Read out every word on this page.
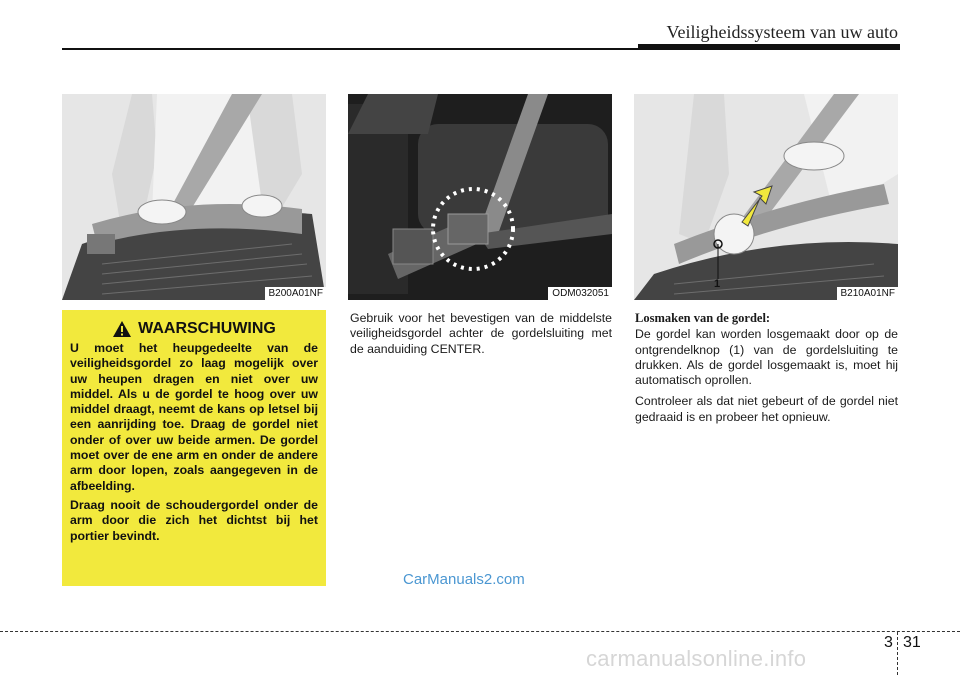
Veiligheidssysteem van uw auto
B200A01NF	ODM032051
1
B210A01NF
WAARSCHUWING

U moet het heupgedeelte van de veiligheidsgordel zo laag mogelijk over uw heupen dragen en niet over uw middel. Als u de gordel te hoog over uw middel draagt, neemt de kans op letsel bij een aanrijding toe. Draag de gordel niet onder of over uw beide armen. De gordel moet over de ene arm en onder de andere arm door lopen, zoals aangegeven in de afbeelding.

Draag nooit de schoudergordel onder de arm door die zich het dichtst bij het portier bevindt.

Gebruik voor het bevestigen van de middelste veiligheidsgordel achter de gordelsluiting met de aanduiding CENTER.

Losmaken van de gordel:

De gordel kan worden losgemaakt door op de ontgrendelknop (1) van de gordelsluiting te drukken. Als de gordel losgemaakt is, moet hij automatisch oprollen.

Controleer als dat niet gebeurt of de gordel niet gedraaid is en probeer het opnieuw.

CarManuals2.com
3 31
carmanualsonline.info
